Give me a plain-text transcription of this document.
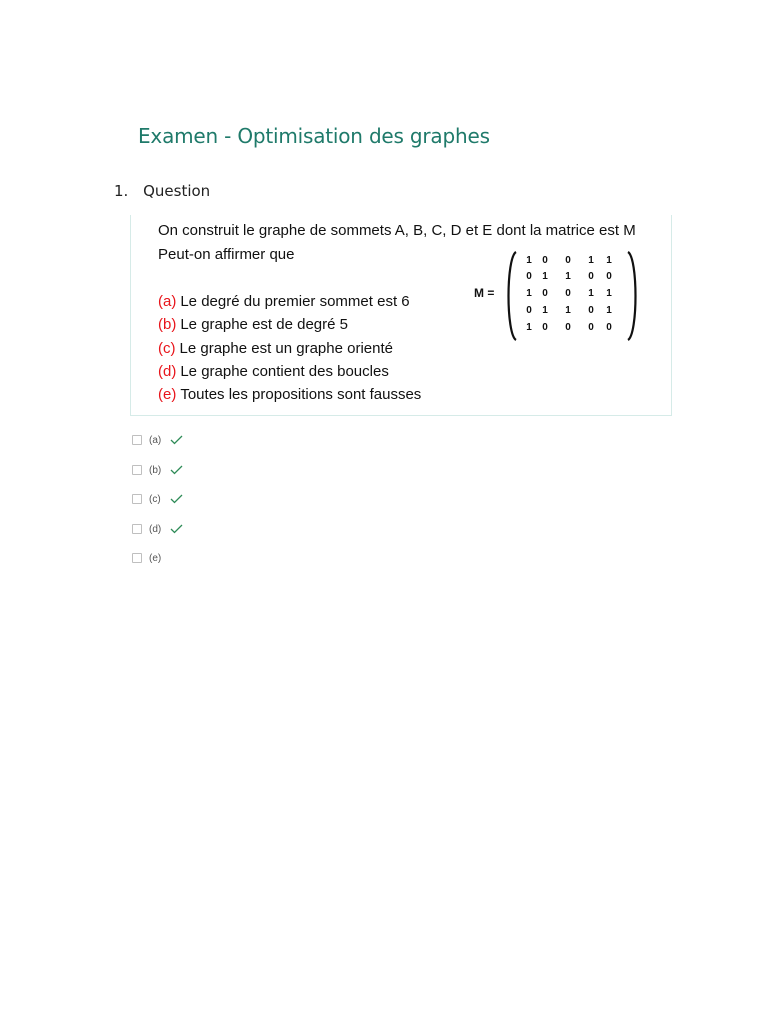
Examen - Optimisation des graphes
1. Question
On construit le graphe de sommets A, B, C, D et E dont la matrice est M
Peut-on affirmer que
(a) Le degré du premier sommet est 6
(b) Le graphe est de degré 5
(c) Le graphe est un graphe orienté
(d) Le graphe contient des boucles
(e) Toutes les propositions sont fausses
M =
1	0	0	1	1
0	1	1	0	0
1	0	0	1	1
0	1	1	0	1
1	0	0	0	0
(a)
(b)
(c)
(d)
(e)
